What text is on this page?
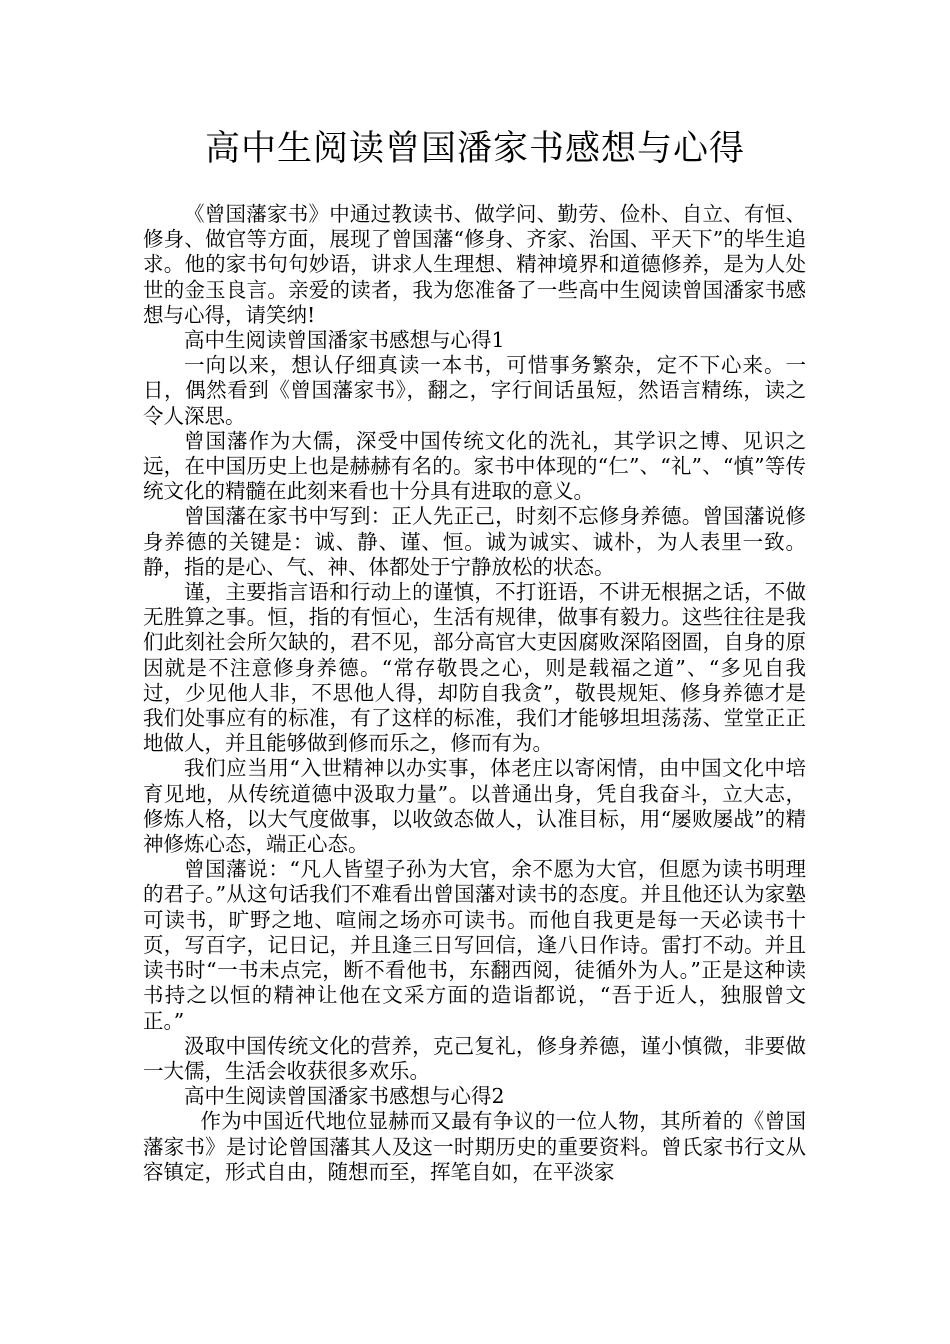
高中生阅读曾国潘家书感想与心得

《曾国藩家书》中通过教读书、做学问、勤劳、俭朴、自立、有恒、修身、做官等方面，展现了曾国藩“修身、齐家、治国、平天下”的毕生追求。他的家书句句妙语，讲求人生理想、精神境界和道德修养，是为人处世的金玉良言。亲爱的读者，我为您准备了一些高中生阅读曾国潘家书感想与心得，请笑纳!

高中生阅读曾国潘家书感想与心得1

一向以来，想认仔细真读一本书，可惜事务繁杂，定不下心来。一日，偶然看到《曾国藩家书》，翻之，字行间话虽短，然语言精练，读之令人深思。

曾国藩作为大儒，深受中国传统文化的洗礼，其学识之博、见识之远，在中国历史上也是赫赫有名的。家书中体现的“仁”、“礼”、“慎”等传统文化的精髓在此刻来看也十分具有进取的意义。

曾国藩在家书中写到：正人先正己，时刻不忘修身养德。曾国藩说修身养德的关键是：诚、静、谨、恒。诚为诚实、诚朴，为人表里一致。静，指的是心、气、神、体都处于宁静放松的状态。

谨，主要指言语和行动上的谨慎，不打诳语，不讲无根据之话，不做无胜算之事。恒，指的有恒心，生活有规律，做事有毅力。这些往往是我们此刻社会所欠缺的，君不见，部分高官大吏因腐败深陷囹圄，自身的原因就是不注意修身养德。“常存敬畏之心，则是载福之道”、“多见自我过，少见他人非，不思他人得，却防自我贪”，敬畏规矩、修身养德才是我们处事应有的标准，有了这样的标准，我们才能够坦坦荡荡、堂堂正正地做人，并且能够做到修而乐之，修而有为。

我们应当用“入世精神以办实事，体老庄以寄闲情，由中国文化中培育见地，从传统道德中汲取力量”。以普通出身，凭自我奋斗，立大志，修炼人格，以大气度做事，以收敛态做人，认准目标，用“屡败屡战”的精神修炼心态，端正心态。

曾国藩说：“凡人皆望子孙为大官，余不愿为大官，但愿为读书明理的君子。”从这句话我们不难看出曾国藩对读书的态度。并且他还认为家塾可读书，旷野之地、喧闹之场亦可读书。而他自我更是每一天必读书十页，写百字，记日记，并且逢三日写回信，逢八日作诗。雷打不动。并且读书时“一书未点完，断不看他书，东翻西阅，徒循外为人。”正是这种读书持之以恒的精神让他在文采方面的造诣都说，“吾于近人，独服曾文正。”

汲取中国传统文化的营养，克己复礼，修身养德，谨小慎微，非要做一大儒，生活会收获很多欢乐。

高中生阅读曾国潘家书感想与心得2

作为中国近代地位显赫而又最有争议的一位人物，其所着的《曾国藩家书》是讨论曾国藩其人及这一时期历史的重要资料。曾氏家书行文从容镇定，形式自由，随想而至，挥笔自如，在平淡家
